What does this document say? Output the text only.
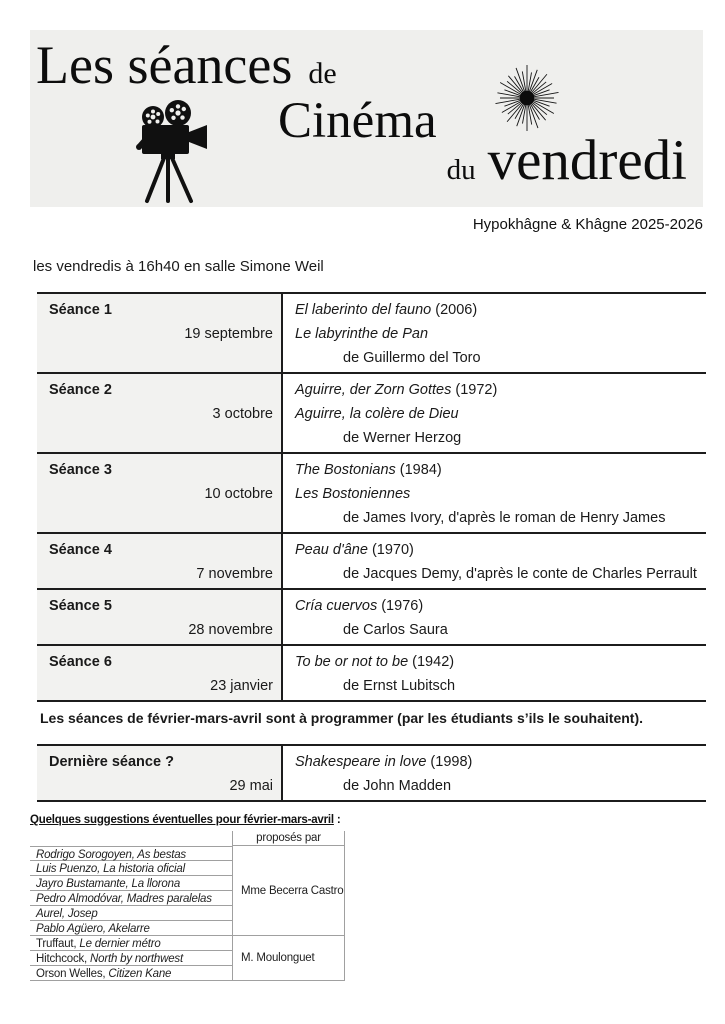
Les séances de
Cinéma
du vendredi
Hypokhâgne & Khâgne 2025-2026
les vendredis à 16h40 en salle Simone Weil
Séance 1
19 septembre
El laberinto del fauno (2006)
Le labyrinthe de Pan
de Guillermo del Toro
Séance 2
3 octobre
Aguirre, der Zorn Gottes (1972)
Aguirre, la colère de Dieu
de Werner Herzog
Séance 3
10 octobre
The Bostonians (1984)
Les Bostoniennes
de James Ivory, d'après le roman de Henry James
Séance 4
7 novembre
Peau d'âne (1970)
de Jacques Demy, d'après le conte de Charles Perrault
Séance 5
28 novembre
Cría cuervos (1976)
de Carlos Saura
Séance 6
23 janvier
To be or not to be (1942)
de Ernst Lubitsch
Les séances de février-mars-avril sont à programmer (par les étudiants s’ils le souhaitent).
Dernière séance ?
29 mai
Shakespeare in love (1998)
de John Madden
Quelques suggestions éventuelles pour février-mars-avril :
proposés par
Rodrigo Sorogoyen , As bestas
Luis Puenzo , La historia oficial
Jayro Bustamante , La llorona
Pedro Almodóvar , Madres paralelas
Aurel , Josep
Pablo Agüero , Akelarre
Mme Becerra Castro
Truffaut , Le dernier métro
Hitchcock , North by northwest
Orson Welles , Citizen Kane
M. Moulonguet
